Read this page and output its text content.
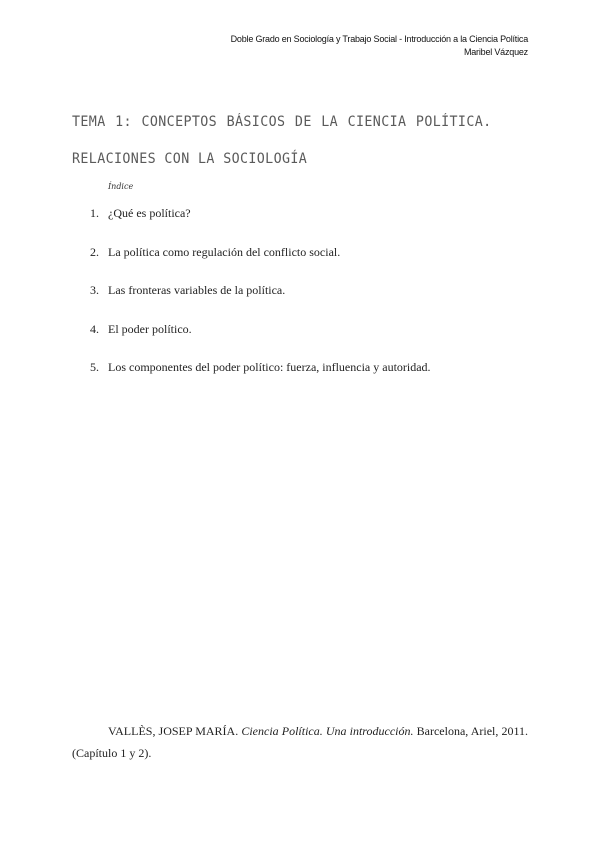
Doble Grado en Sociología y Trabajo Social - Introducción a la Ciencia Política
Maribel Vázquez
TEMA 1: CONCEPTOS BÁSICOS DE LA CIENCIA POLÍTICA. RELACIONES CON LA SOCIOLOGÍA
Índice
1. ¿Qué es política?
2. La política como regulación del conflicto social.
3. Las fronteras variables de la política.
4. El poder político.
5. Los componentes del poder político: fuerza, influencia y autoridad.

VALLÈS, JOSEP MARÍA. Ciencia Política. Una introducción. Barcelona, Ariel, 2011. (Capítulo 1 y 2).
